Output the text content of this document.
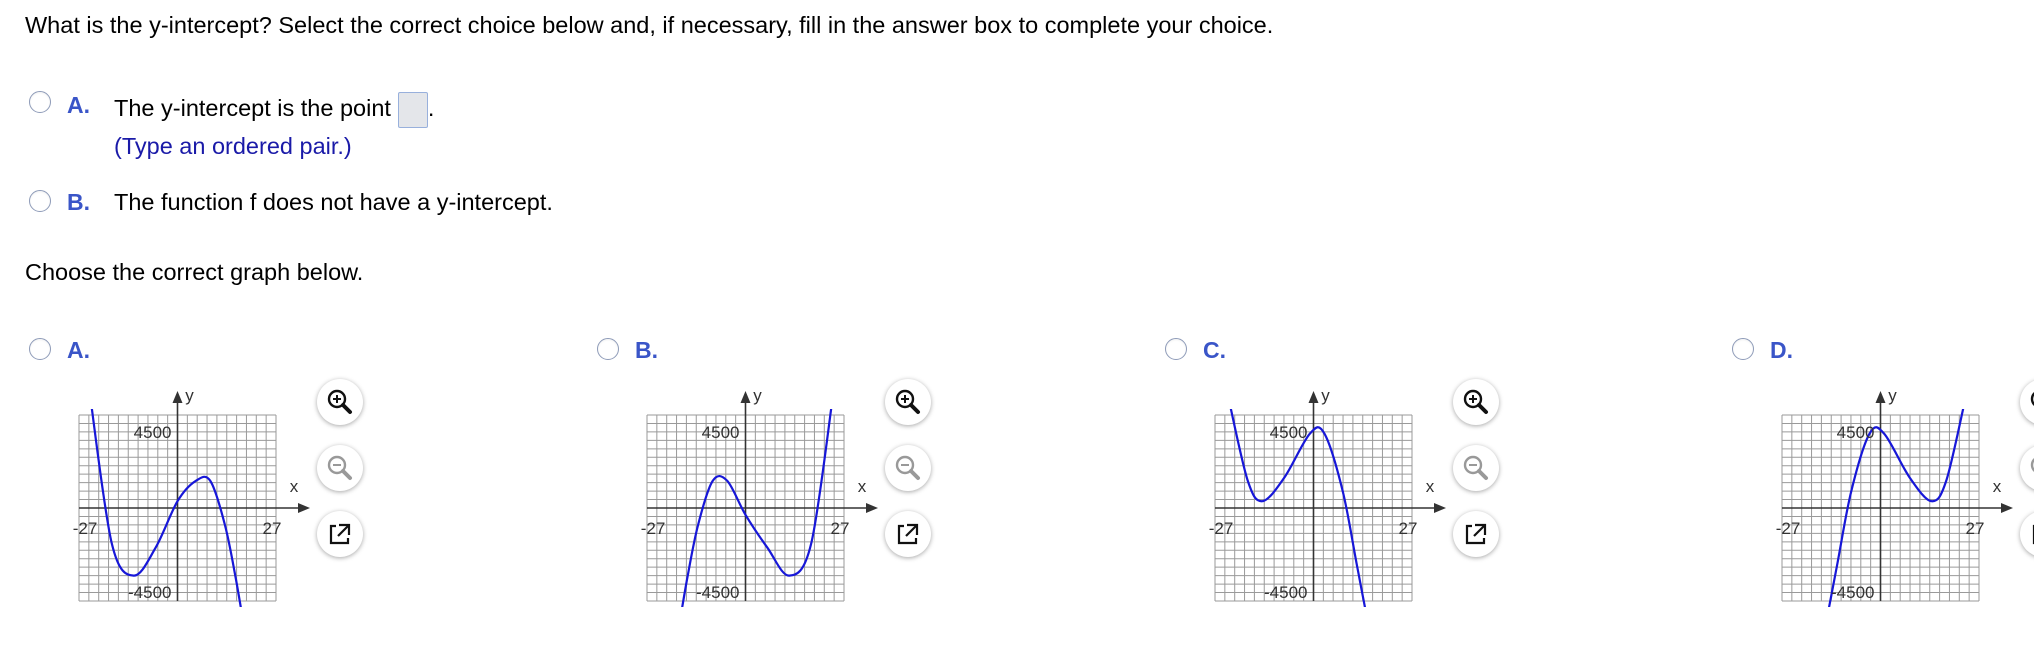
What is the y-intercept? Select the correct choice below and, if necessary, fill in the answer box to complete your choice.
A. The y-intercept is the point .
(Type an ordered pair.)
B. The function f does not have a y-intercept.
Choose the correct graph below.
A.
4500
-4500
-27	27
x
y
B.
4500
-4500
-27	27
x
y
C.
4500
-4500
-27	27
x
y
D.
4500
-4500
-27	27
x
y
